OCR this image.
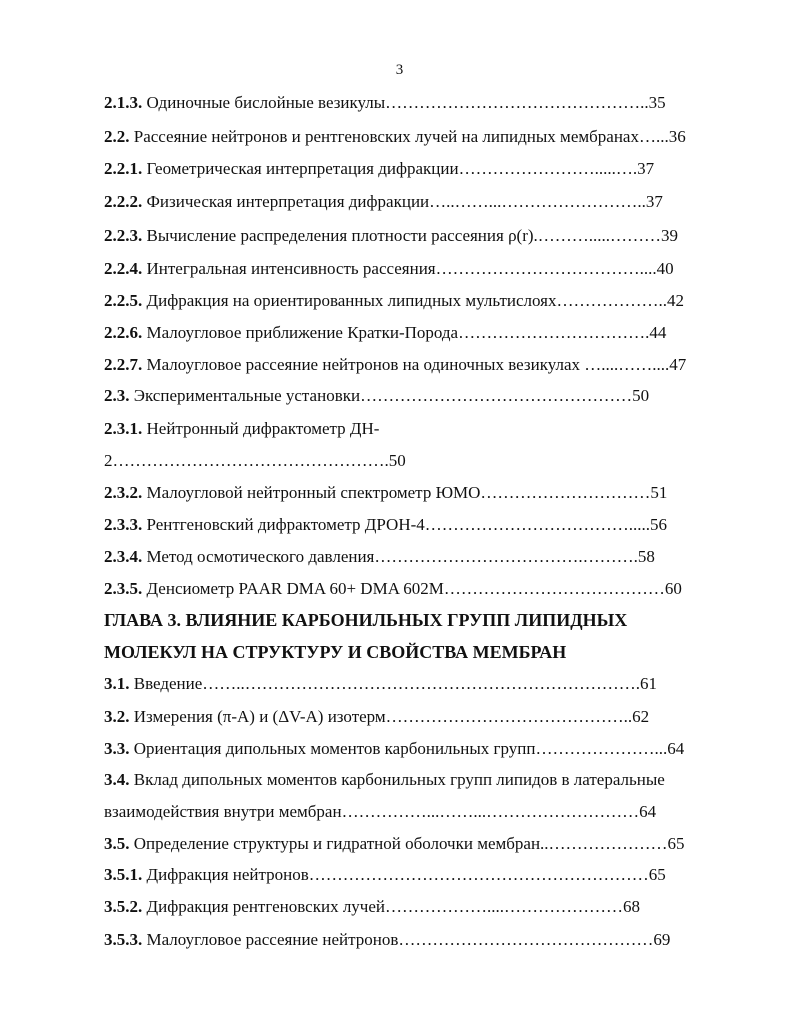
3
2.1.3. Одиночные бислойные везикулы………………………………………..35
2.2. Рассеяние нейтронов и рентгеновских лучей на липидных мембранах…...36
2.2.1. Геометрическая интерпретация дифракции…………………….....….37
2.2.2. Физическая интерпретация дифракции…..……...……………………..37
2.2.3. Вычисление распределения плотности рассеяния ρ(r).……….....………39
2.2.4. Интегральная интенсивность рассеяния………………………………....40
2.2.5. Дифракция на ориентированных липидных мультислоях………………..42
2.2.6. Малоугловое приближение Кратки-Порода…………………………….44
2.2.7. Малоугловое рассеяние нейтронов на одиночных везикулах …....……....47
2.3. Экспериментальные установки…………………………………………50
2.3.1. Нейтронный дифрактометр ДН-
2………………………………………….50
2.3.2. Малоугловой нейтронный спектрометр ЮМО…………………………51
2.3.3. Рентгеновский дифрактометр ДРОН-4……………………………….....56
2.3.4. Метод осмотического давления……………………………….……….58
2.3.5. Денсиометр PAAR DMA 60+ DMA 602M…………………………………60
ГЛАВА 3. ВЛИЯНИЕ КАРБОНИЛЬНЫХ ГРУПП ЛИПИДНЫХ
МОЛЕКУЛ НА СТРУКТУРУ И СВОЙСТВА МЕМБРАН
3.1. Введение……..…………………………………………………………….61
3.2. Измерения (π-A) и (ΔV-A) изотерм……………………………………..62
3.3. Ориентация дипольных моментов карбонильных групп…………………...64
3.4. Вклад дипольных моментов карбонильных групп липидов в латеральные
взаимодействия внутри мембран……………...……...………………………64
3.5. Определение структуры и гидратной оболочки мембран..…………………65
3.5.1. Дифракция нейтронов……………………………………………………65
3.5.2. Дифракция рентгеновских лучей………………....…………………68
3.5.3. Малоугловое рассеяние нейтронов………………………………………69
